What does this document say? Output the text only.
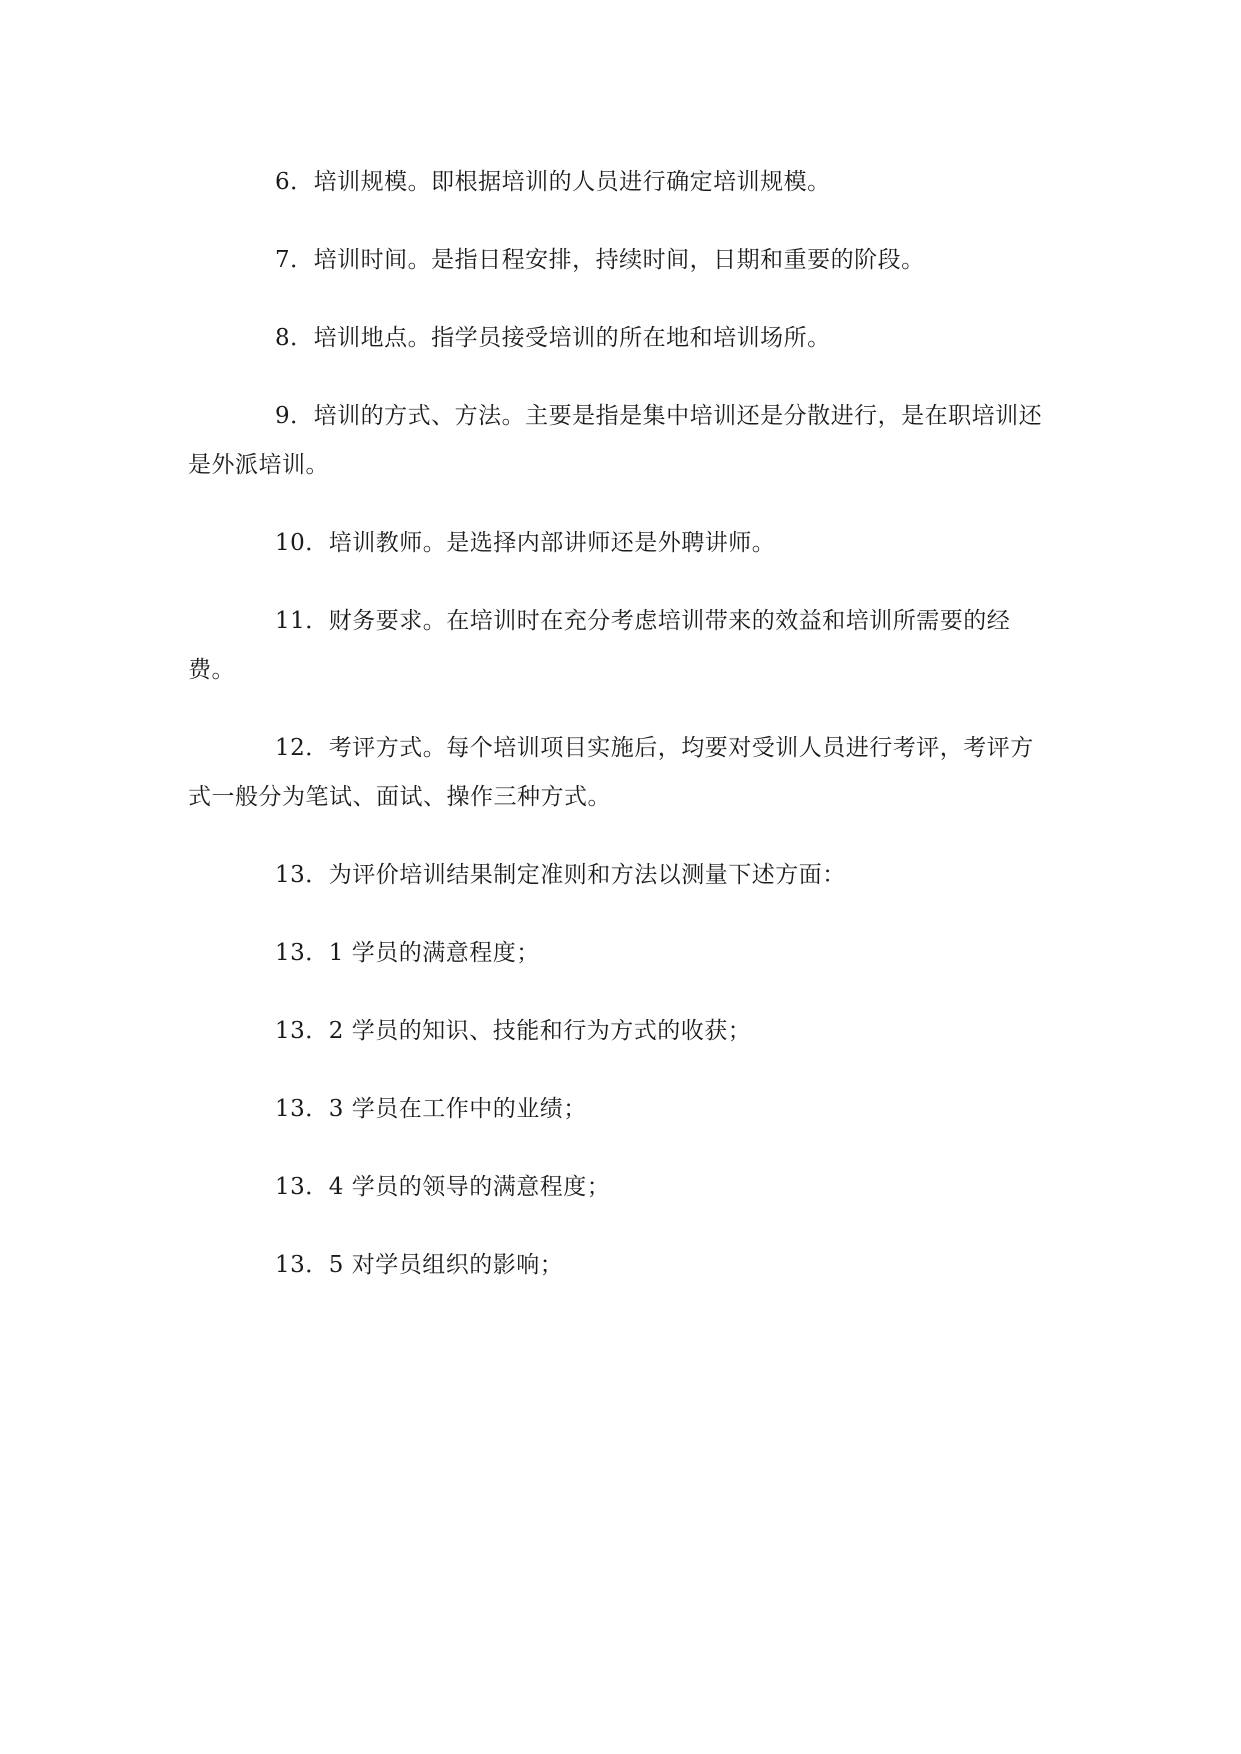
6．培训规模。即根据培训的人员进行确定培训规模。

7．培训时间。是指日程安排，持续时间，日期和重要的阶段。

8．培训地点。指学员接受培训的所在地和培训场所。

9．培训的方式、方法。主要是指是集中培训还是分散进行，是在职培训还是外派培训。

10．培训教师。是选择内部讲师还是外聘讲师。

11．财务要求。在培训时在充分考虑培训带来的效益和培训所需要的经费。

12．考评方式。每个培训项目实施后，均要对受训人员进行考评，考评方式一般分为笔试、面试、操作三种方式。

13．为评价培训结果制定准则和方法以测量下述方面：

13．1 学员的满意程度；

13．2 学员的知识、技能和行为方式的收获；

13．3 学员在工作中的业绩；

13．4 学员的领导的满意程度；

13．5 对学员组织的影响；
